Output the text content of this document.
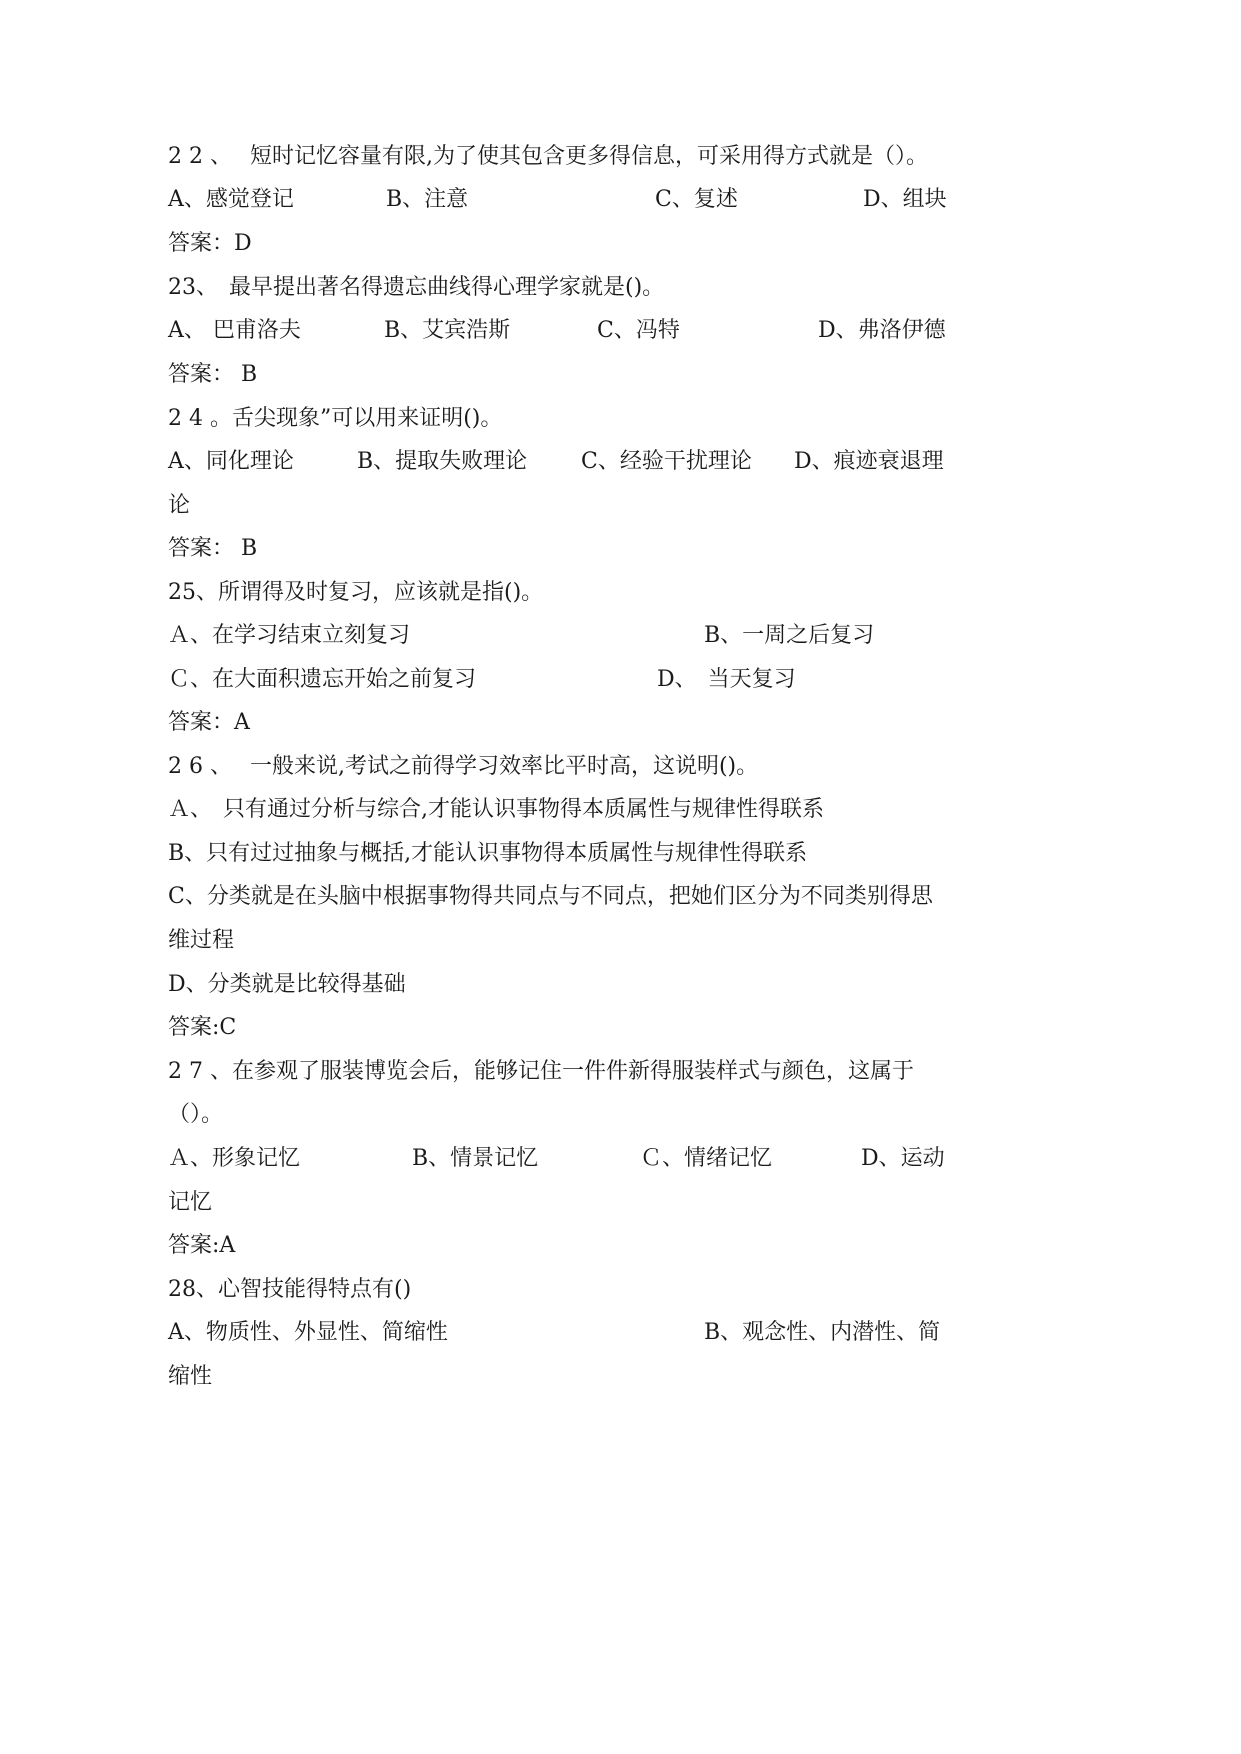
2 2 、　 短时记忆容量有限,为了使其包含更多得信息，可采用得方式就是（）。
A、感觉登记	B、注意	C、复述	D、组块
答案：D
23、　最早提出著名得遗忘曲线得心理学家就是()。
A、 巴甫洛夫	B、艾宾浩斯	C、冯特	D、弗洛伊德
答案： B
2 4 。舌尖现象”可以用来证明()。
A、同化理论	B、提取失败理论 C、经验干扰理论 D、痕迹衰退理
论
答案： B
25、所谓得及时复习，应该就是指()。
Ａ、在学习结束立刻复习	B、一周之后复习
Ｃ、在大面积遗忘开始之前复习	D、　当天复习
答案：A
2 6 、　 一般来说,考试之前得学习效率比平时高，这说明()。
Ａ、　只有通过分析与综合,才能认识事物得本质属性与规律性得联系
B、只有过过抽象与概括,才能认识事物得本质属性与规律性得联系
C、分类就是在头脑中根据事物得共同点与不同点，把她们区分为不同类别得思
维过程
D、分类就是比较得基础
答案:C
2 7 、在参观了服装博览会后，能够记住一件件新得服装样式与颜色，这属于
（）。
Ａ、形象记忆	B、情景记忆	Ｃ、情绪记忆	D、运动
记忆
答案:A
28、心智技能得特点有()
A、物质性、外显性、简缩性	B、观念性、内潜性、简
缩性
